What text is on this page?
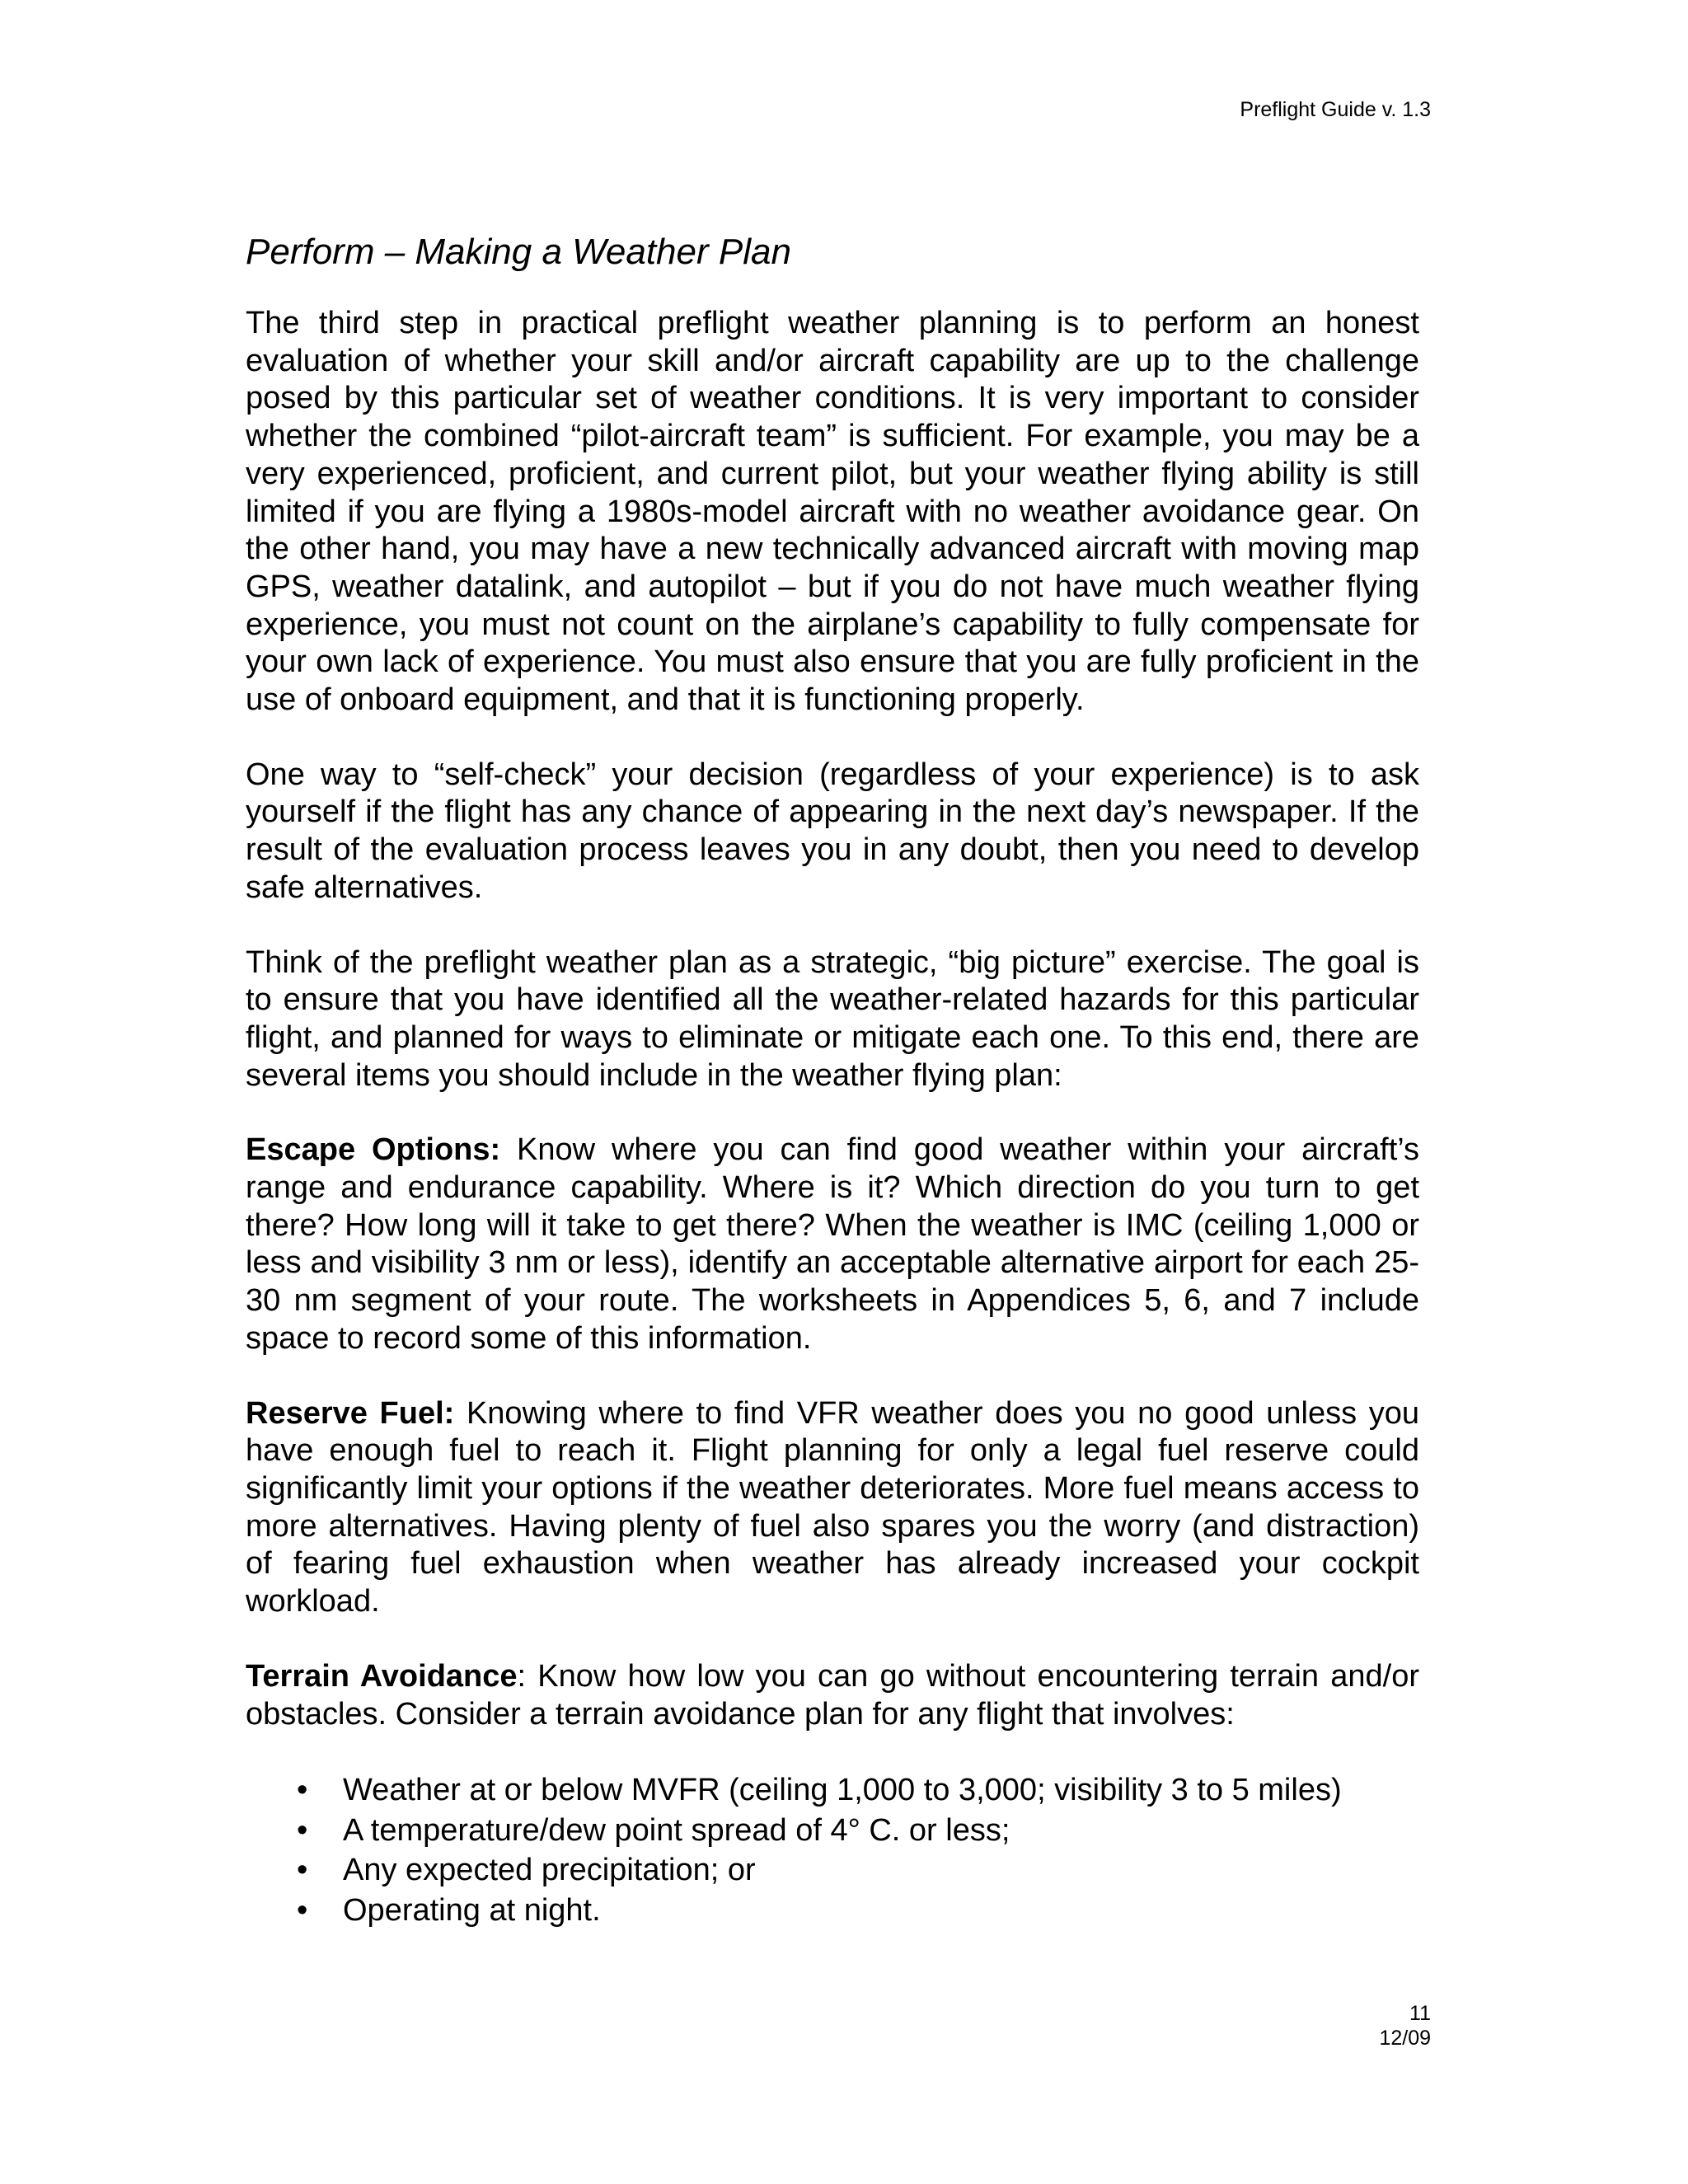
Preflight Guide v. 1.3
Perform – Making a Weather Plan

The third step in practical preflight weather planning is to perform an honest evaluation of whether your skill and/or aircraft capability are up to the challenge posed by this particular set of weather conditions. It is very important to consider whether the combined “pilot-aircraft team” is sufficient. For example, you may be a very experienced, proficient, and current pilot, but your weather flying ability is still limited if you are flying a 1980s-model aircraft with no weather avoidance gear. On the other hand, you may have a new technically advanced aircraft with moving map GPS, weather datalink, and autopilot – but if you do not have much weather flying experience, you must not count on the airplane’s capability to fully compensate for your own lack of experience. You must also ensure that you are fully proficient in the use of onboard equipment, and that it is functioning properly.

One way to “self-check” your decision (regardless of your experience) is to ask yourself if the flight has any chance of appearing in the next day’s newspaper. If the result of the evaluation process leaves you in any doubt, then you need to develop safe alternatives.

Think of the preflight weather plan as a strategic, “big picture” exercise. The goal is to ensure that you have identified all the weather-related hazards for this particular flight, and planned for ways to eliminate or mitigate each one. To this end, there are several items you should include in the weather flying plan:

Escape Options: Know where you can find good weather within your aircraft’s range and endurance capability. Where is it? Which direction do you turn to get there? How long will it take to get there? When the weather is IMC (ceiling 1,000 or less and visibility 3 nm or less), identify an acceptable alternative airport for each 25-30 nm segment of your route. The worksheets in Appendices 5, 6, and 7 include space to record some of this information.

Reserve Fuel: Knowing where to find VFR weather does you no good unless you have enough fuel to reach it. Flight planning for only a legal fuel reserve could significantly limit your options if the weather deteriorates. More fuel means access to more alternatives. Having plenty of fuel also spares you the worry (and distraction) of fearing fuel exhaustion when weather has already increased your cockpit workload.

Terrain Avoidance: Know how low you can go without encountering terrain and/or obstacles. Consider a terrain avoidance plan for any flight that involves:

• Weather at or below MVFR (ceiling 1,000 to 3,000; visibility 3 to 5 miles)
• A temperature/dew point spread of 4° C. or less;
• Any expected precipitation; or
• Operating at night.
11
12/09
